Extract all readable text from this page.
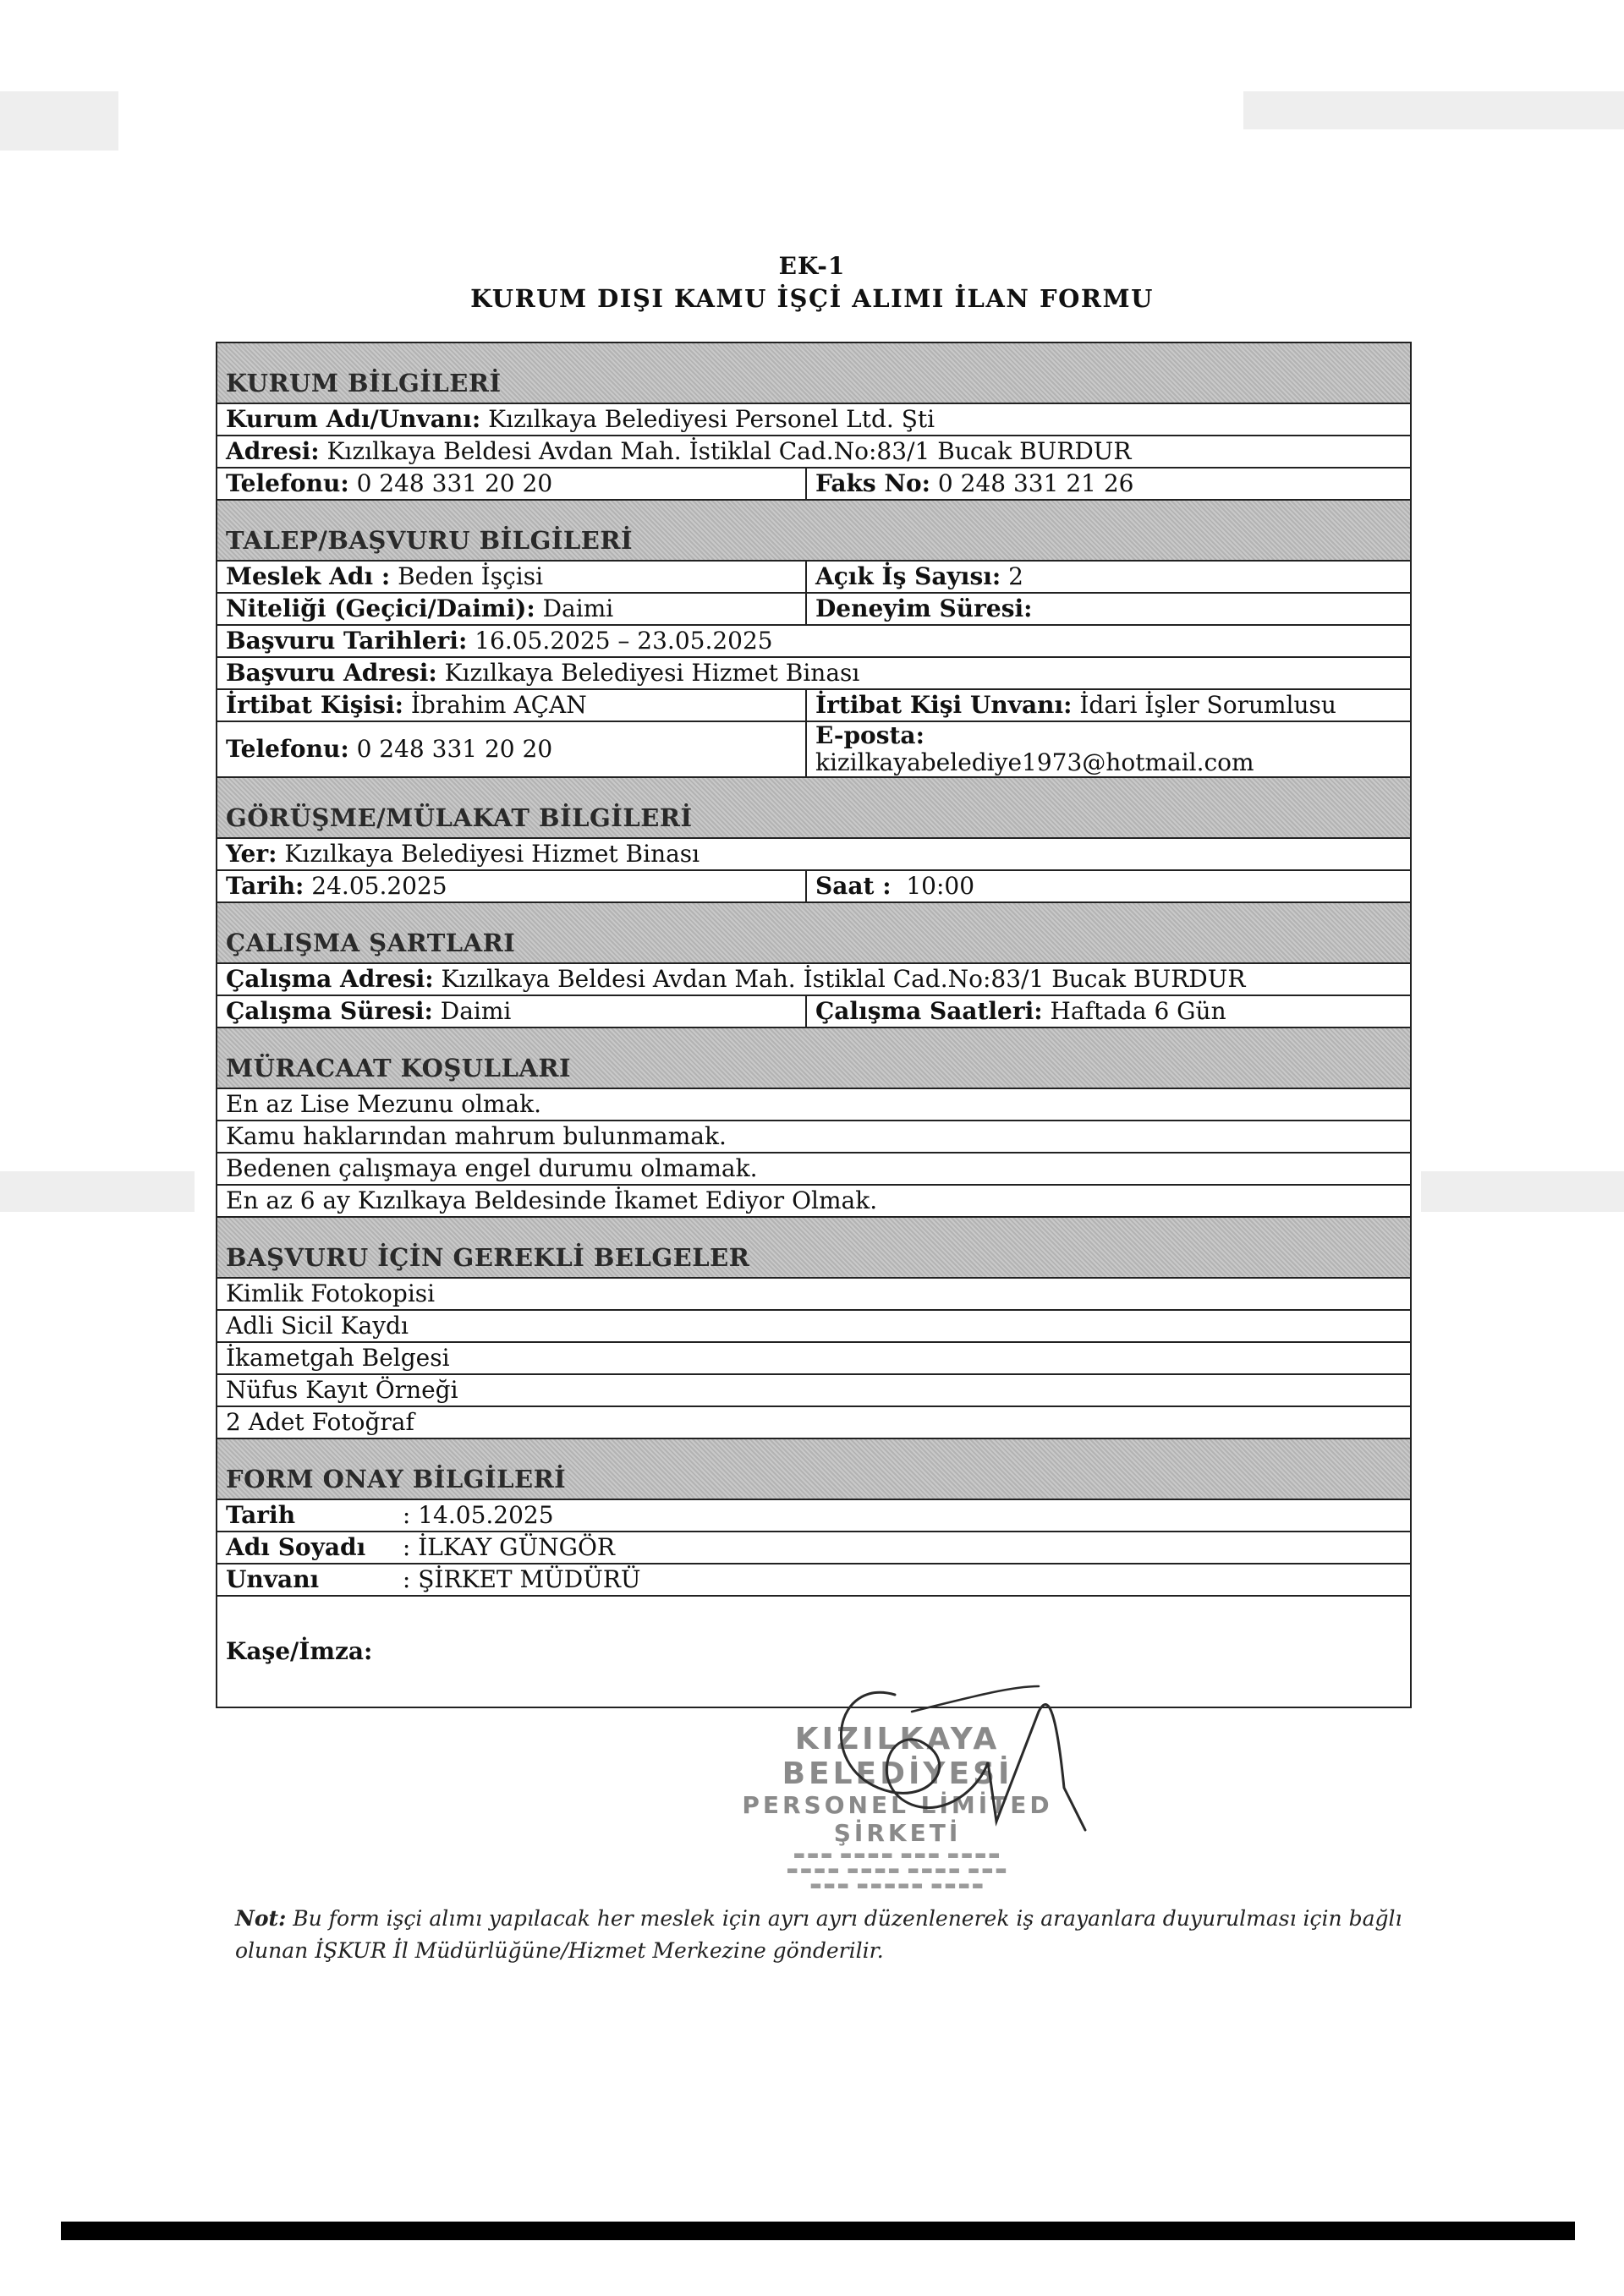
EK-1
KURUM DIŞI KAMU İŞÇİ ALIMI İLAN FORMU
KURUM BİLGİLERİ	
Kurum Adı/Unvanı: Kızılkaya Belediyesi Personel Ltd. Şti	
Adresi: Kızılkaya Beldesi Avdan Mah. İstiklal Cad.No:83/1 Bucak BURDUR	
Telefonu: 0 248 331 20 20	Faks No: 0 248 331 21 26
TALEP/BAŞVURU BİLGİLERİ	
Meslek Adı : Beden İşçisi	Açık İş Sayısı: 2
Niteliği (Geçici/Daimi): Daimi	Deneyim Süresi:
Başvuru Tarihleri: 16.05.2025 – 23.05.2025	
Başvuru Adresi: Kızılkaya Belediyesi Hizmet Binası	
İrtibat Kişisi: İbrahim AÇAN	İrtibat Kişi Unvanı: İdari İşler Sorumlusu
Telefonu: 0 248 331 20 20	E-posta:
kizilkayabelediye1973@hotmail.com

GÖRÜŞME/MÜLAKAT BİLGİLERİ	
Yer: Kızılkaya Belediyesi Hizmet Binası	
Tarih: 24.05.2025	Saat : 10:00
ÇALIŞMA ŞARTLARI	
Çalışma Adresi: Kızılkaya Beldesi Avdan Mah. İstiklal Cad.No:83/1 Bucak BURDUR	
Çalışma Süresi: Daimi	Çalışma Saatleri: Haftada 6 Gün
MÜRACAAT KOŞULLARI	
En az Lise Mezunu olmak.	
Kamu haklarından mahrum bulunmamak.	
Bedenen çalışmaya engel durumu olmamak.	
En az 6 ay Kızılkaya Beldesinde İkamet Ediyor Olmak.	
BAŞVURU İÇİN GEREKLİ BELGELER	
Kimlik Fotokopisi	
Adli Sicil Kaydı	
İkametgah Belgesi	
Nüfus Kayıt Örneği	
2 Adet Fotoğraf	
FORM ONAY BİLGİLERİ	
Tarih : 14.05.2025	
Adı Soyadı : İLKAY GÜNGÖR	
Unvanı : ŞİRKET MÜDÜRÜ	
Kaşe/İmza:	
KIZILKAYA BELEDİYESİ
PERSONEL LİMİTED ŞİRKETİ
▬▬▬ ▬▬▬▬ ▬▬▬ ▬▬▬▬
▬▬▬▬ ▬▬▬▬ ▬▬▬▬ ▬▬▬
▬▬▬ ▬▬▬▬▬ ▬▬▬▬
Not: Bu form işçi alımı yapılacak her meslek için ayrı ayrı düzenlenerek iş arayanlara duyurulması için bağlı olunan İŞKUR İl Müdürlüğüne/Hizmet Merkezine gönderilir.
